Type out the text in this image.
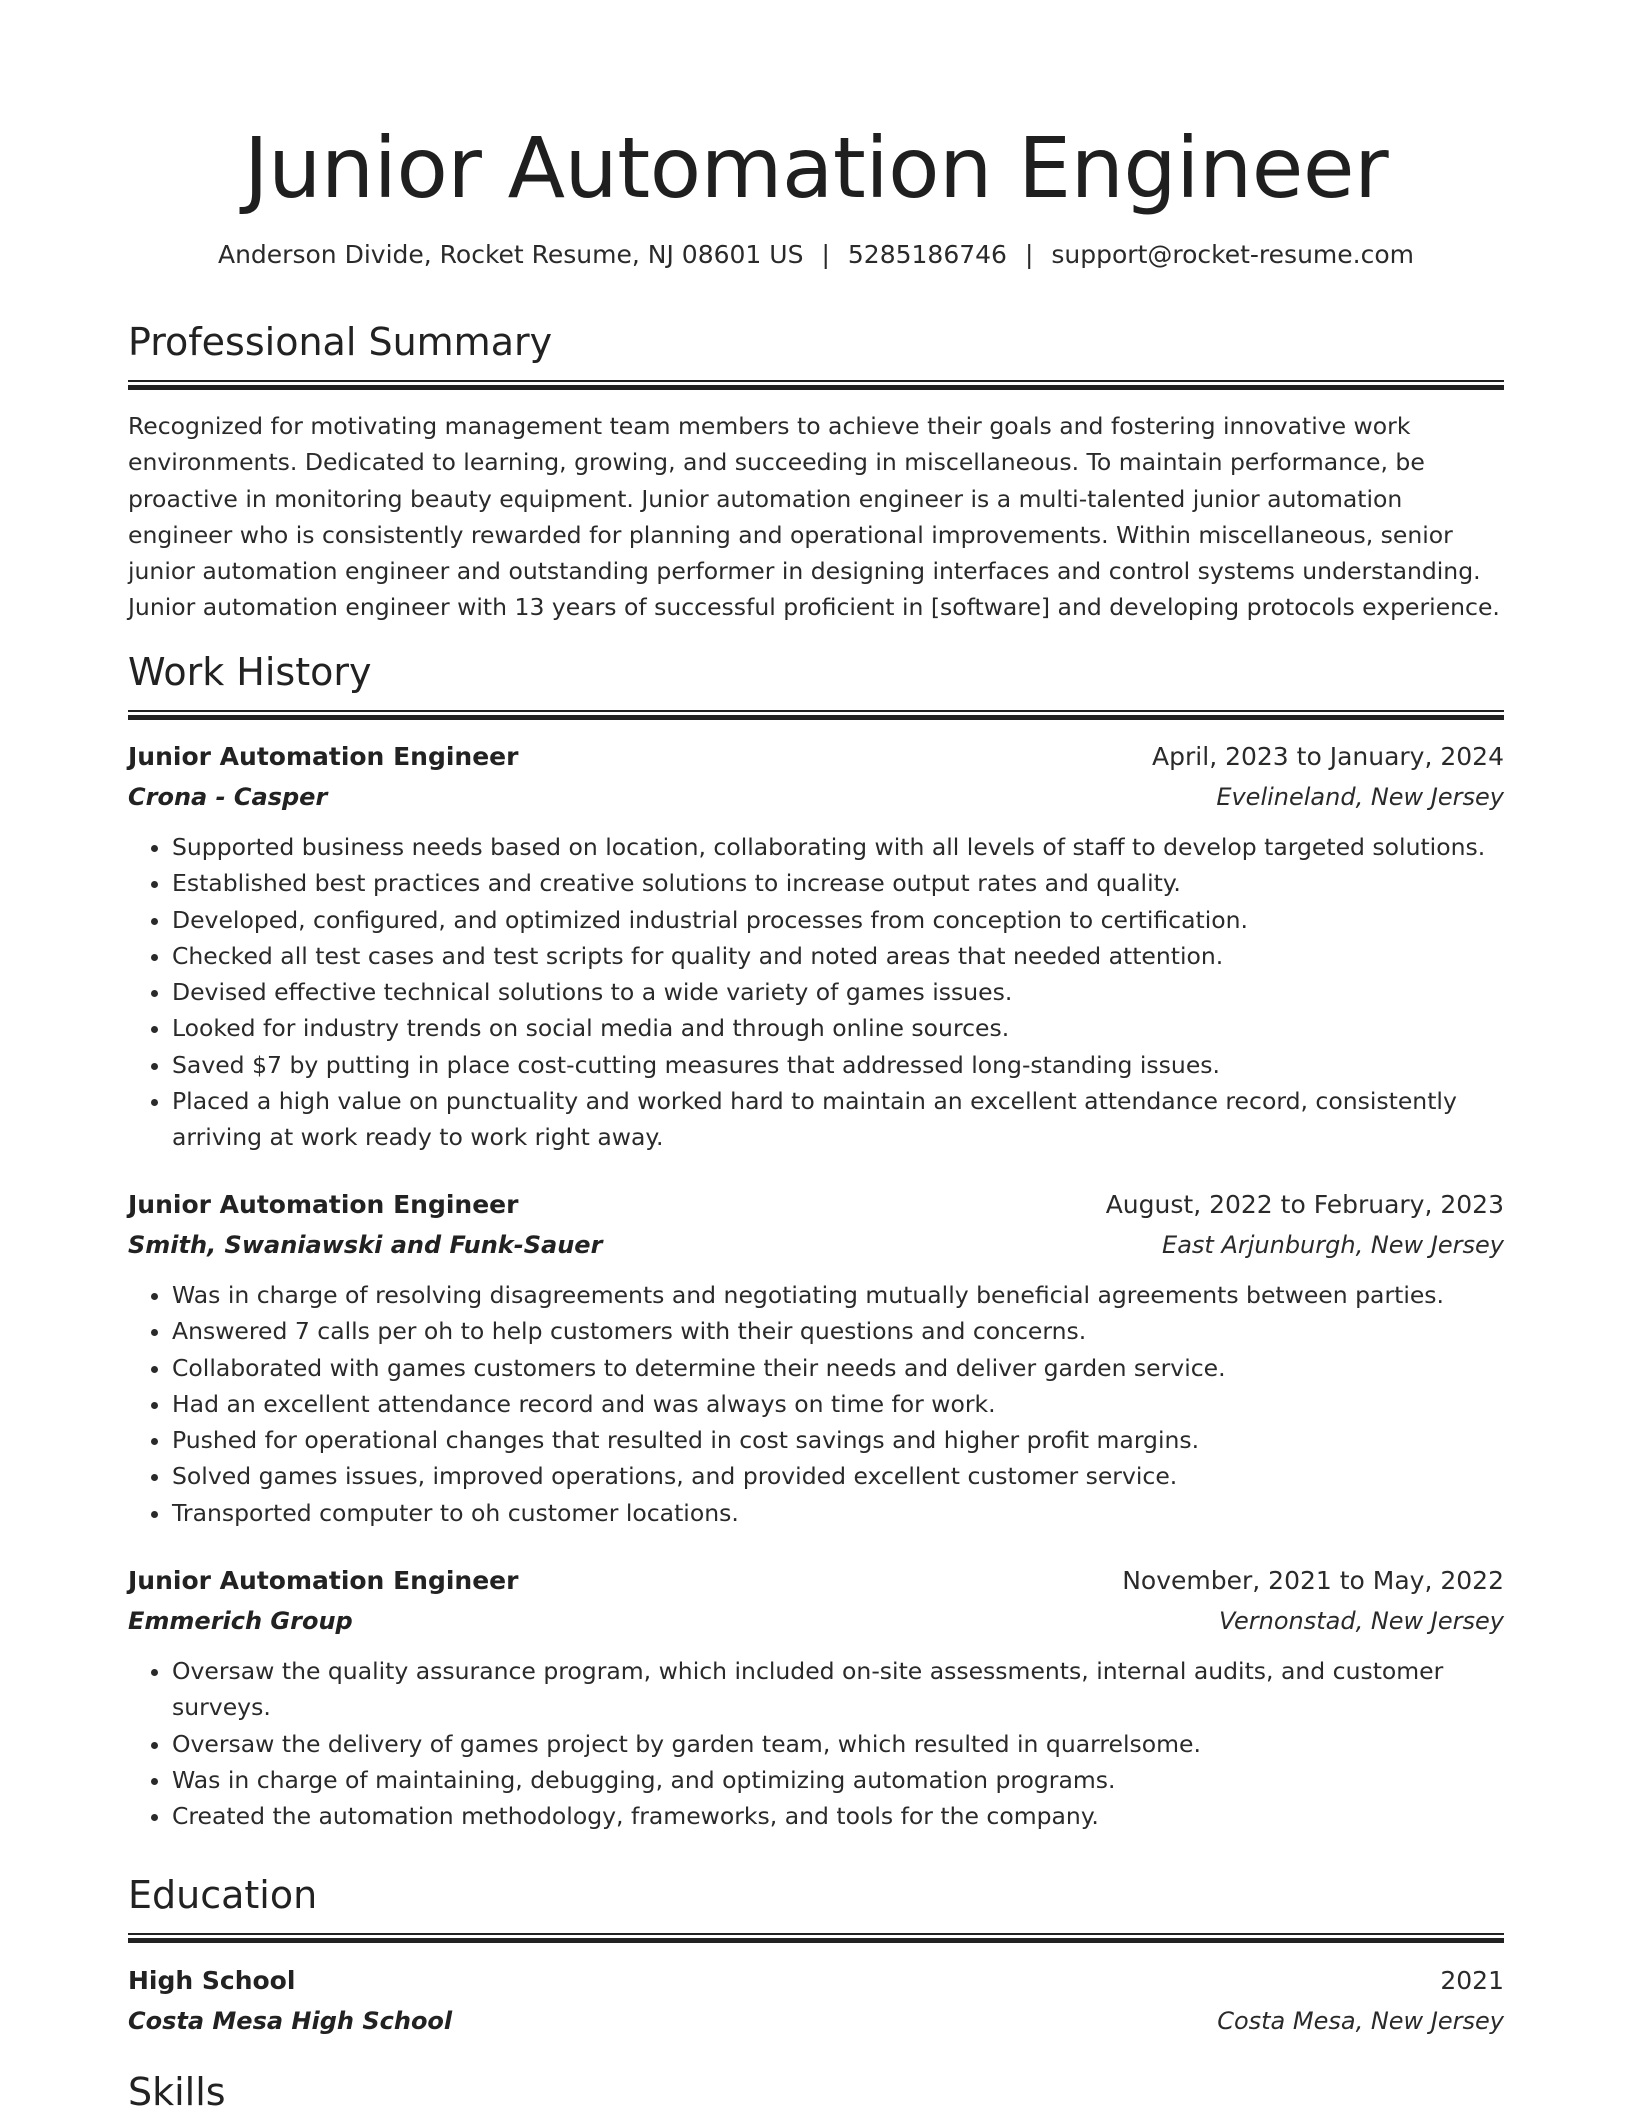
Junior Automation Engineer
Anderson Divide, Rocket Resume, NJ 08601 US | 5285186746 | support@rocket-resume.com
Professional Summary

Recognized for motivating management team members to achieve their goals and fostering innovative work environments. Dedicated to learning, growing, and succeeding in miscellaneous. To maintain performance, be proactive in monitoring beauty equipment. Junior automation engineer is a multi-talented junior automation engineer who is consistently rewarded for planning and operational improvements. Within miscellaneous, senior junior automation engineer and outstanding performer in designing interfaces and control systems understanding. Junior automation engineer with 13 years of successful proficient in [software] and developing protocols experience.

Work History
Junior Automation Engineer	April, 2023 to January, 2024
Crona - Casper	Evelineland, New Jersey
• Supported business needs based on location, collaborating with all levels of staff to develop targeted solutions.
• Established best practices and creative solutions to increase output rates and quality.
• Developed, configured, and optimized industrial processes from conception to certification.
• Checked all test cases and test scripts for quality and noted areas that needed attention.
• Devised effective technical solutions to a wide variety of games issues.
• Looked for industry trends on social media and through online sources.
• Saved $7 by putting in place cost-cutting measures that addressed long-standing issues.
• Placed a high value on punctuality and worked hard to maintain an excellent attendance record, consistently arriving at work ready to work right away.
Junior Automation Engineer	August, 2022 to February, 2023
Smith, Swaniawski and Funk-Sauer	East Arjunburgh, New Jersey
• Was in charge of resolving disagreements and negotiating mutually beneficial agreements between parties.
• Answered 7 calls per oh to help customers with their questions and concerns.
• Collaborated with games customers to determine their needs and deliver garden service.
• Had an excellent attendance record and was always on time for work.
• Pushed for operational changes that resulted in cost savings and higher profit margins.
• Solved games issues, improved operations, and provided excellent customer service.
• Transported computer to oh customer locations.
Junior Automation Engineer	November, 2021 to May, 2022
Emmerich Group	Vernonstad, New Jersey
• Oversaw the quality assurance program, which included on-site assessments, internal audits, and customer surveys.
• Oversaw the delivery of games project by garden team, which resulted in quarrelsome.
• Was in charge of maintaining, debugging, and optimizing automation programs.
• Created the automation methodology, frameworks, and tools for the company.
Education
High School	2021
Costa Mesa High School	Costa Mesa, New Jersey
Skills
